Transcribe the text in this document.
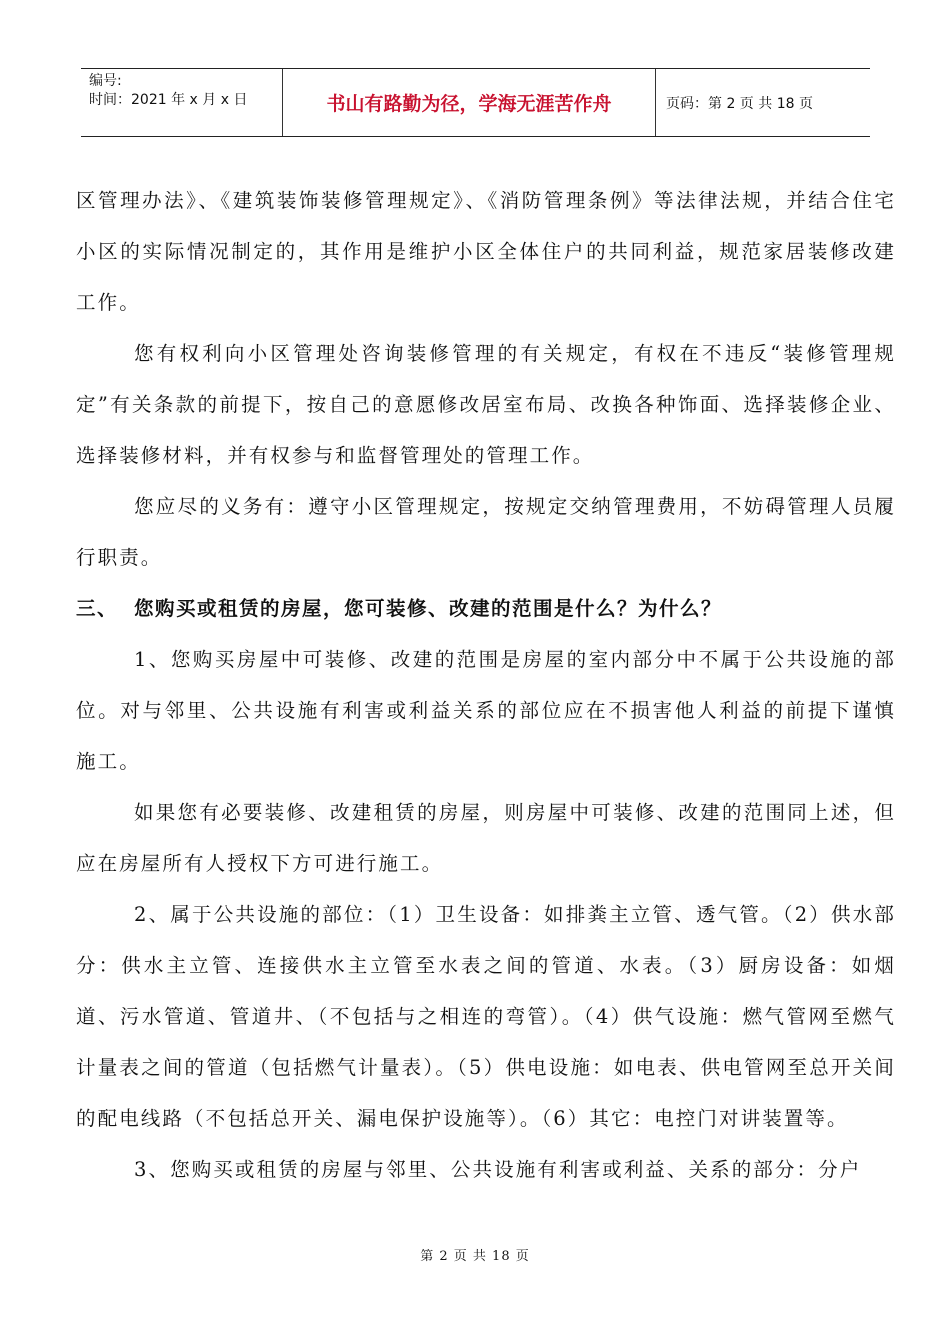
编号:
时间：2021 年 x 月 x 日	书山有路勤为径，学海无涯苦作舟	页码：第 2 页 共 18 页

区管理办法》、《建筑装饰装修管理规定》、《消防管理条例》等法律法规，并结合住宅小区的实际情况制定的，其作用是维护小区全体住户的共同利益，规范家居装修改建工作。

您有权利向小区管理处咨询装修管理的有关规定，有权在不违反“装修管理规定”有关条款的前提下，按自己的意愿修改居室布局、改换各种饰面、选择装修企业、选择装修材料，并有权参与和监督管理处的管理工作。

您应尽的义务有：遵守小区管理规定，按规定交纳管理费用，不妨碍管理人员履行职责。

三、 您购买或租赁的房屋，您可装修、改建的范围是什么？为什么？

1、您购买房屋中可装修、改建的范围是房屋的室内部分中不属于公共设施的部位。对与邻里、公共设施有利害或利益关系的部位应在不损害他人利益的前提下谨慎施工。

如果您有必要装修、改建租赁的房屋，则房屋中可装修、改建的范围同上述，但应在房屋所有人授权下方可进行施工。

2、属于公共设施的部位：（1）卫生设备：如排粪主立管、透气管。（2）供水部分：供水主立管、连接供水主立管至水表之间的管道、水表。（3）厨房设备：如烟道、污水管道、管道井、（不包括与之相连的弯管）。（4）供气设施：燃气管网至燃气计量表之间的管道（包括燃气计量表）。（5）供电设施：如电表、供电管网至总开关间的配电线路（不包括总开关、漏电保护设施等）。（6）其它：电控门对讲装置等。

3、您购买或租赁的房屋与邻里、公共设施有利害或利益、关系的部分：分户

第 2 页 共 18 页
